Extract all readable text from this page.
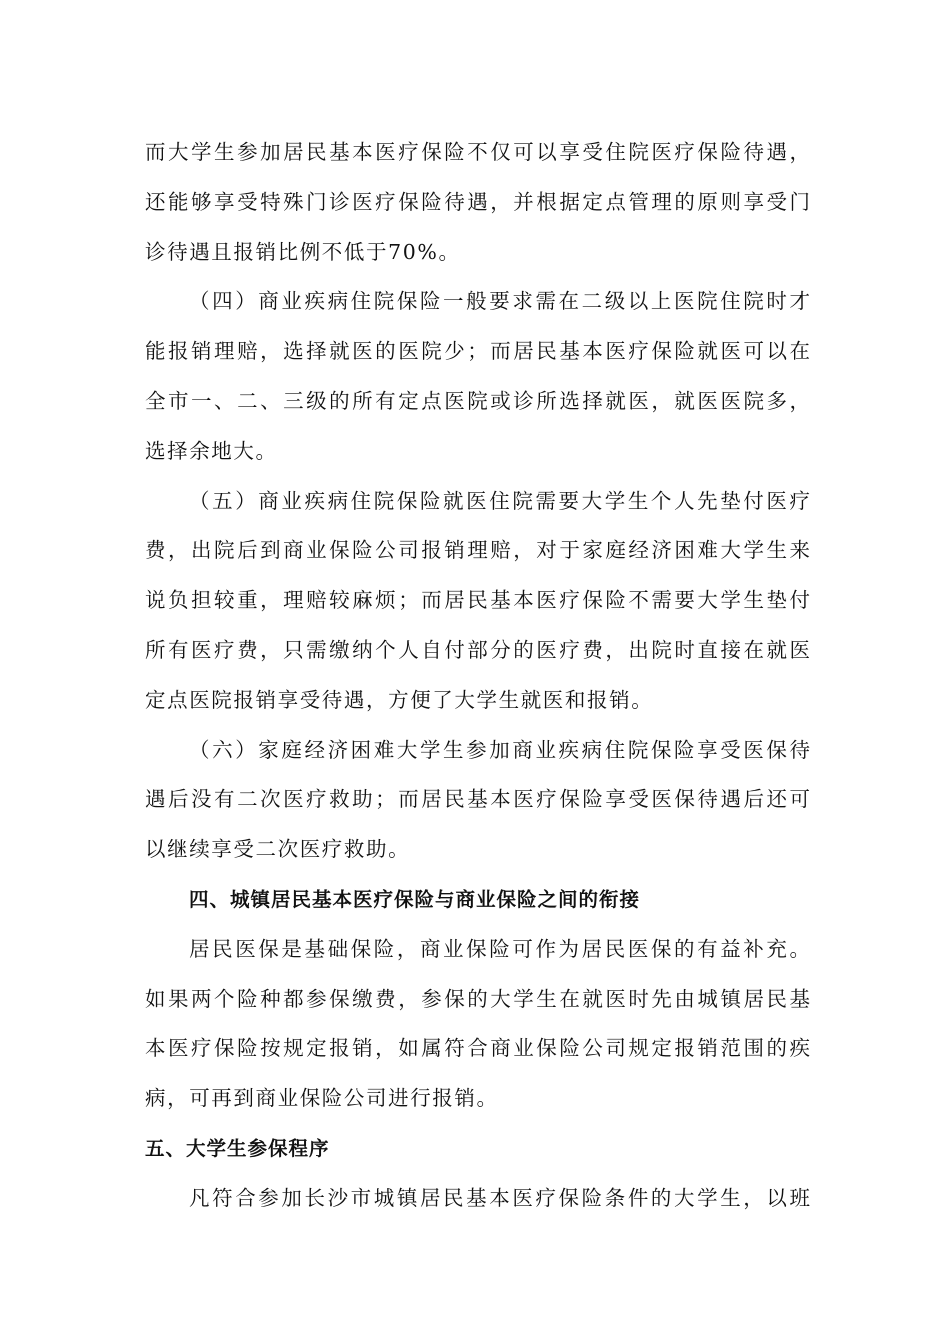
而大学生参加居民基本医疗保险不仅可以享受住院医疗保险待遇，
还能够享受特殊门诊医疗保险待遇，并根据定点管理的原则享受门
诊待遇且报销比例不低于70%。
（四）商业疾病住院保险一般要求需在二级以上医院住院时才
能报销理赔，选择就医的医院少；而居民基本医疗保险就医可以在
全市一、二、三级的所有定点医院或诊所选择就医，就医医院多，
选择余地大。
（五）商业疾病住院保险就医住院需要大学生个人先垫付医疗
费，出院后到商业保险公司报销理赔，对于家庭经济困难大学生来
说负担较重，理赔较麻烦；而居民基本医疗保险不需要大学生垫付
所有医疗费，只需缴纳个人自付部分的医疗费，出院时直接在就医
定点医院报销享受待遇，方便了大学生就医和报销。
（六）家庭经济困难大学生参加商业疾病住院保险享受医保待
遇后没有二次医疗救助；而居民基本医疗保险享受医保待遇后还可
以继续享受二次医疗救助。
四、城镇居民基本医疗保险与商业保险之间的衔接
居民医保是基础保险，商业保险可作为居民医保的有益补充。
如果两个险种都参保缴费，参保的大学生在就医时先由城镇居民基
本医疗保险按规定报销，如属符合商业保险公司规定报销范围的疾
病，可再到商业保险公司进行报销。
五、大学生参保程序
凡符合参加长沙市城镇居民基本医疗保险条件的大学生，以班
